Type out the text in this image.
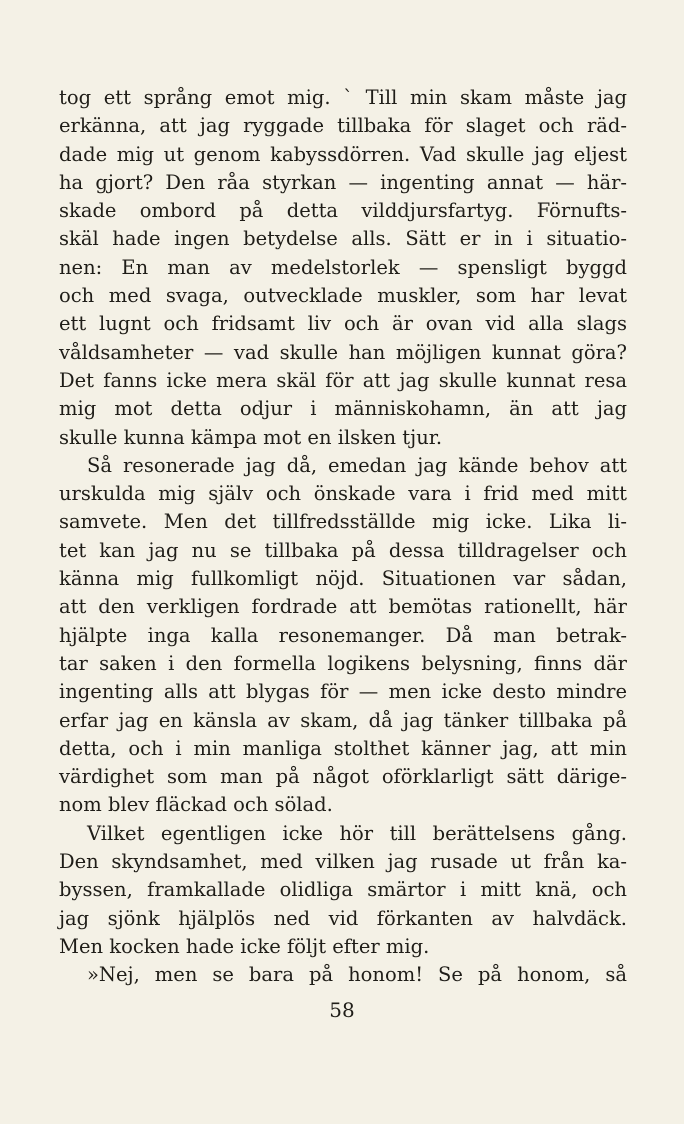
tog ett språng emot mig. ` Till min skam måste jag
erkänna, att jag ryggade tillbaka för slaget och räd-
dade mig ut genom kabyssdörren. Vad skulle jag eljest
ha gjort? Den råa styrkan — ingenting annat — här-
skade ombord på detta vilddjursfartyg. Förnufts-
skäl hade ingen betydelse alls. Sätt er in i situatio-
nen: En man av medelstorlek — spensligt byggd
och med svaga, outvecklade muskler, som har levat
ett lugnt och fridsamt liv och är ovan vid alla slags
våldsamheter — vad skulle han möjligen kunnat göra?
Det fanns icke mera skäl för att jag skulle kunnat resa
mig mot detta odjur i människohamn, än att jag
skulle kunna kämpa mot en ilsken tjur.
Så resonerade jag då, emedan jag kände behov att
urskulda mig själv och önskade vara i frid med mitt
samvete. Men det tillfredsställde mig icke. Lika li-
tet kan jag nu se tillbaka på dessa tilldragelser och
känna mig fullkomligt nöjd. Situationen var sådan,
att den verkligen fordrade att bemötas rationellt, här
hjälpte inga kalla resonemanger. Då man betrak-
tar saken i den formella logikens belysning, finns där
ingenting alls att blygas för — men icke desto mindre
erfar jag en känsla av skam, då jag tänker tillbaka på
detta, och i min manliga stolthet känner jag, att min
värdighet som man på något oförklarligt sätt därige-
nom blev fläckad och sölad.
Vilket egentligen icke hör till berättelsens gång.
Den skyndsamhet, med vilken jag rusade ut från ka-
byssen, framkallade olidliga smärtor i mitt knä, och
jag sjönk hjälplös ned vid förkanten av halvdäck.
Men kocken hade icke följt efter mig.
»Nej, men se bara på honom! Se på honom, så
58
